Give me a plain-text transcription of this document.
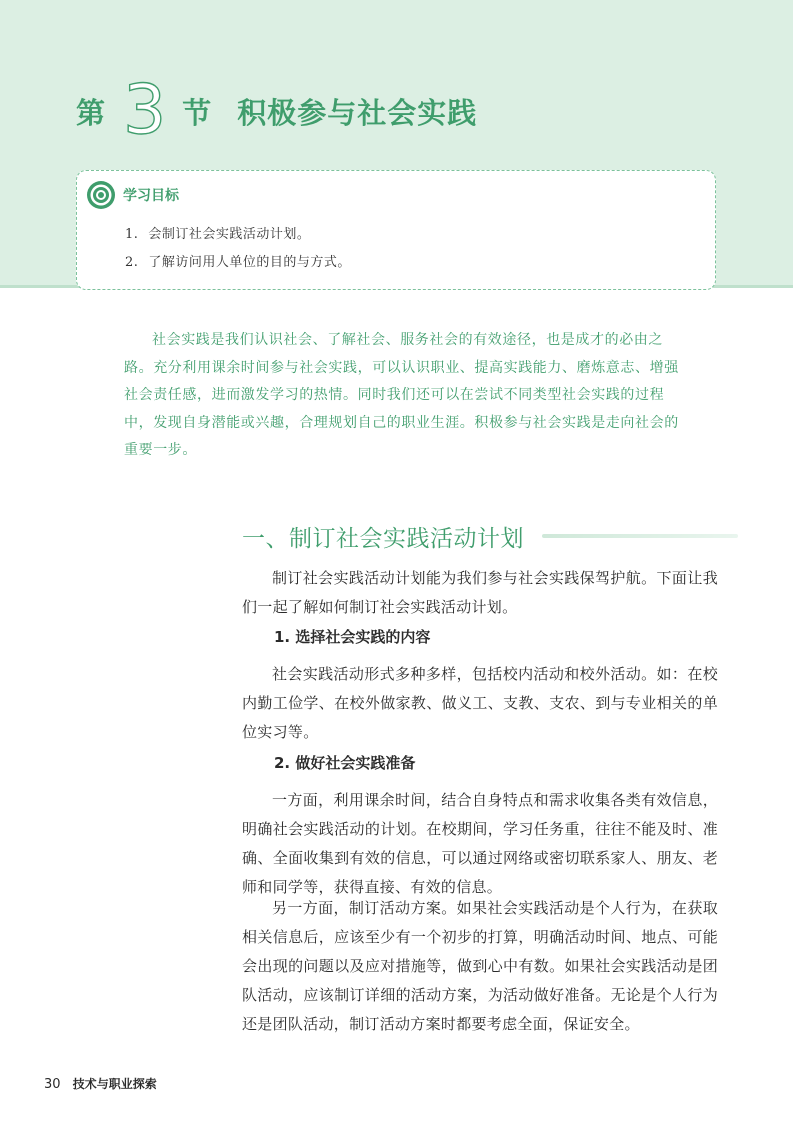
第 3 节 积极参与社会实践
学习目标
1. 会制订社会实践活动计划。
2. 了解访问用人单位的目的与方式。

社会实践是我们认识社会、了解社会、服务社会的有效途径，也是成才的必由之路。充分利用课余时间参与社会实践，可以认识职业、提高实践能力、磨炼意志、增强社会责任感，进而激发学习的热情。同时我们还可以在尝试不同类型社会实践的过程中，发现自身潜能或兴趣，合理规划自己的职业生涯。积极参与社会实践是走向社会的重要一步。

一、制订社会实践活动计划

制订社会实践活动计划能为我们参与社会实践保驾护航。下面让我们一起了解如何制订社会实践活动计划。

1. 选择社会实践的内容

社会实践活动形式多种多样，包括校内活动和校外活动。如：在校内勤工俭学、在校外做家教、做义工、支教、支农、到与专业相关的单位实习等。

2. 做好社会实践准备

一方面，利用课余时间，结合自身特点和需求收集各类有效信息，明确社会实践活动的计划。在校期间，学习任务重，往往不能及时、准确、全面收集到有效的信息，可以通过网络或密切联系家人、朋友、老师和同学等，获得直接、有效的信息。

另一方面，制订活动方案。如果社会实践活动是个人行为，在获取相关信息后，应该至少有一个初步的打算，明确活动时间、地点、可能会出现的问题以及应对措施等，做到心中有数。如果社会实践活动是团队活动，应该制订详细的活动方案，为活动做好准备。无论是个人行为还是团队活动，制订活动方案时都要考虑全面，保证安全。

30 技术与职业探索
